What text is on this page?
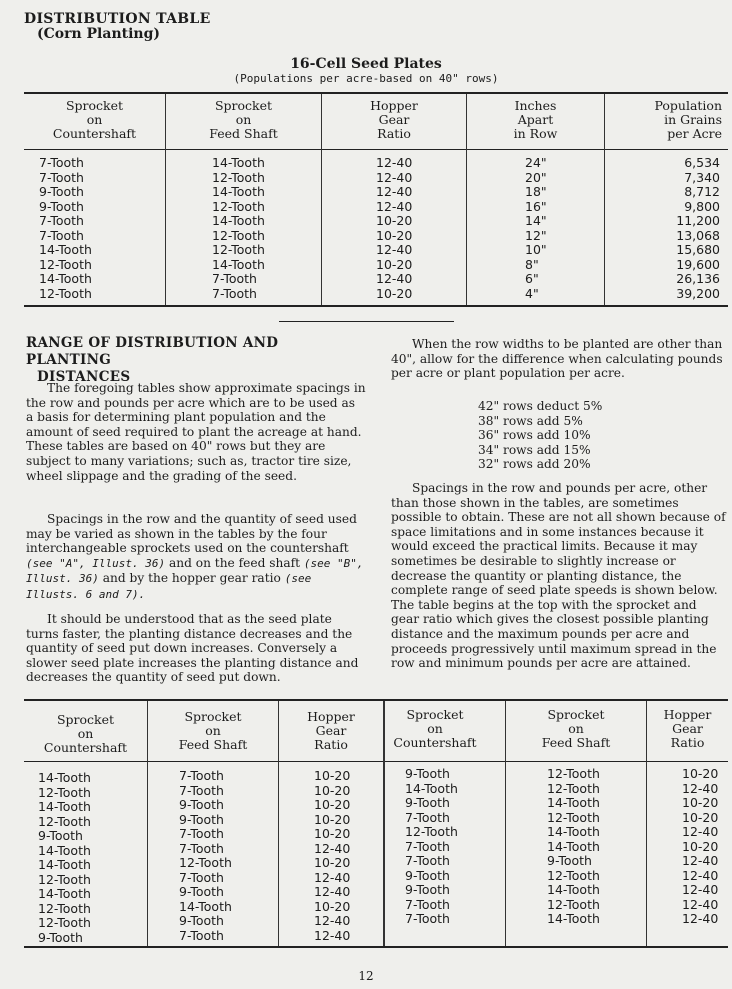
DISTRIBUTION TABLE
(Corn Planting)
16-Cell Seed Plates
(Populations per acre-based on 40" rows)
Sprocket
on
Countershaft
Sprocket
on
Feed Shaft
Hopper
Gear
Ratio
Inches
Apart
in Row
Population
in Grains
per Acre
7-Tooth
7-Tooth
9-Tooth
9-Tooth
7-Tooth
7-Tooth
14-Tooth
12-Tooth
14-Tooth
12-Tooth
14-Tooth
12-Tooth
14-Tooth
12-Tooth
14-Tooth
12-Tooth
12-Tooth
14-Tooth
7-Tooth
7-Tooth
12-40
12-40
12-40
12-40
10-20
10-20
12-40
10-20
12-40
10-20
24"
20"
18"
16"
14"
12"
10"
8"
6"
4"
6,534
7,340
8,712
9,800
11,200
13,068
15,680
19,600
26,136
39,200
RANGE OF DISTRIBUTION AND PLANTING
DISTANCES
The foregoing tables show approximate spacings in the row and pounds per acre which are to be used as a basis for determining plant population and the amount of seed required to plant the acreage at hand. These tables are based on 40" rows but they are subject to many variations; such as, tractor tire size, wheel slippage and the grading of the seed.
Spacings in the row and the quantity of seed used may be varied as shown in the tables by the four interchangeable sprockets used on the countershaft (see "A", Illust. 36) and on the feed shaft (see "B", Illust. 36) and by the hopper gear ratio (see Illusts. 6 and 7).
It should be understood that as the seed plate turns faster, the planting distance decreases and the quantity of seed put down increases. Conversely a slower seed plate increases the planting distance and decreases the quantity of seed put down.
When the row widths to be planted are other than 40", allow for the difference when calculating pounds per acre or plant population per acre.
42" rows deduct 5%
38" rows add 5%
36" rows add 10%
34" rows add 15%
32" rows add 20%
Spacings in the row and pounds per acre, other than those shown in the tables, are sometimes possible to obtain. These are not all shown because of space limitations and in some instances because it would exceed the practical limits. Because it may sometimes be desirable to slightly increase or decrease the quantity or planting distance, the complete range of seed plate speeds is shown below. The table begins at the top with the sprocket and gear ratio which gives the closest possible planting distance and the maximum pounds per acre and proceeds progressively until maximum spread in the row and minimum pounds per acre are attained.
Sprocket
on
Countershaft
Sprocket
on
Feed Shaft
Hopper
Gear
Ratio
Sprocket
on
Countershaft
Sprocket
on
Feed Shaft
Hopper
Gear
Ratio
14-Tooth
12-Tooth
14-Tooth
12-Tooth
9-Tooth
14-Tooth
14-Tooth
12-Tooth
14-Tooth
12-Tooth
12-Tooth
9-Tooth
7-Tooth
7-Tooth
9-Tooth
9-Tooth
7-Tooth
7-Tooth
12-Tooth
7-Tooth
9-Tooth
14-Tooth
9-Tooth
7-Tooth
10-20
10-20
10-20
10-20
10-20
12-40
10-20
12-40
12-40
10-20
12-40
12-40
9-Tooth
14-Tooth
9-Tooth
7-Tooth
12-Tooth
7-Tooth
7-Tooth
9-Tooth
9-Tooth
7-Tooth
7-Tooth
12-Tooth
12-Tooth
14-Tooth
12-Tooth
14-Tooth
14-Tooth
9-Tooth
12-Tooth
14-Tooth
12-Tooth
14-Tooth
10-20
12-40
10-20
10-20
12-40
10-20
12-40
12-40
12-40
12-40
12-40
12
